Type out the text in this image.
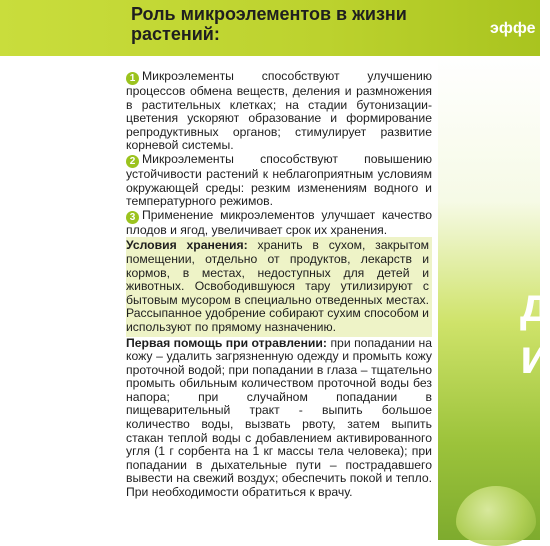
Роль микроэлементов в жизни растений:	эффе
д
и

1 Микроэлементы способствуют улучшению процессов обмена веществ, деления и размножения в растительных клетках; на стадии бутонизации-цветения ускоряют образование и формирование репродуктивных органов; стимулирует развитие корневой системы.

2 Микроэлементы способствуют повышению устойчивости растений к неблагоприятным условиям окружающей среды: резким изменениям водного и температурного режимов.

3 Применение микроэлементов улучшает качество плодов и ягод, увеличивает срок их хранения.

Условия хранения: хранить в сухом, закрытом помещении, отдельно от продуктов, лекарств и кормов, в местах, недоступных для детей и животных. Освободившуюся тару утилизируют с бытовым мусором в специально отведенных местах. Рассыпанное удобрение собирают сухим способом и используют по прямому назначению.

Первая помощь при отравлении: при попадании на кожу – удалить загрязненную одежду и промыть кожу проточной водой; при попадании в глаза – тщательно промыть обильным количеством проточной воды без напора; при случайном попадании в пищеварительный тракт - выпить большое количество воды, вызвать рвоту, затем выпить стакан теплой воды с добавлением активированного угля (1 г сорбента на 1 кг массы тела человека); при попадании в дыхательные пути – пострадавшего вывести на свежий воздух; обеспечить покой и тепло. При необходимости обратиться к врачу.
